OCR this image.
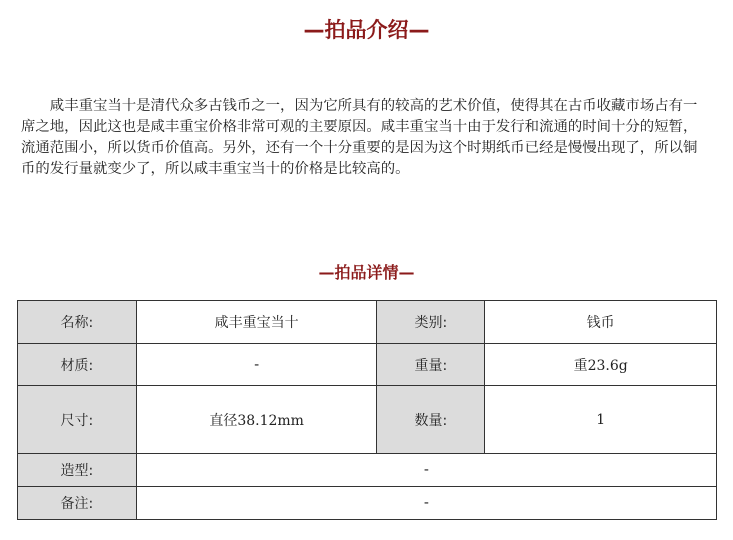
—拍品介绍—

咸丰重宝当十是清代众多古钱币之一，因为它所具有的较高的艺术价值，使得其在古币收藏市场占有一席之地，因此这也是咸丰重宝价格非常可观的主要原因。咸丰重宝当十由于发行和流通的时间十分的短暂，流通范围小，所以货币价值高。另外，还有一个十分重要的是因为这个时期纸币已经是慢慢出现了，所以铜币的发行量就变少了，所以咸丰重宝当十的价格是比较高的。

—拍品详情—
名称:	咸丰重宝当十	类别:	钱币
材质:	-	重量:	重23.6g
尺寸:	直径38.12mm	数量:	1
造型:	-		
备注:	-		
